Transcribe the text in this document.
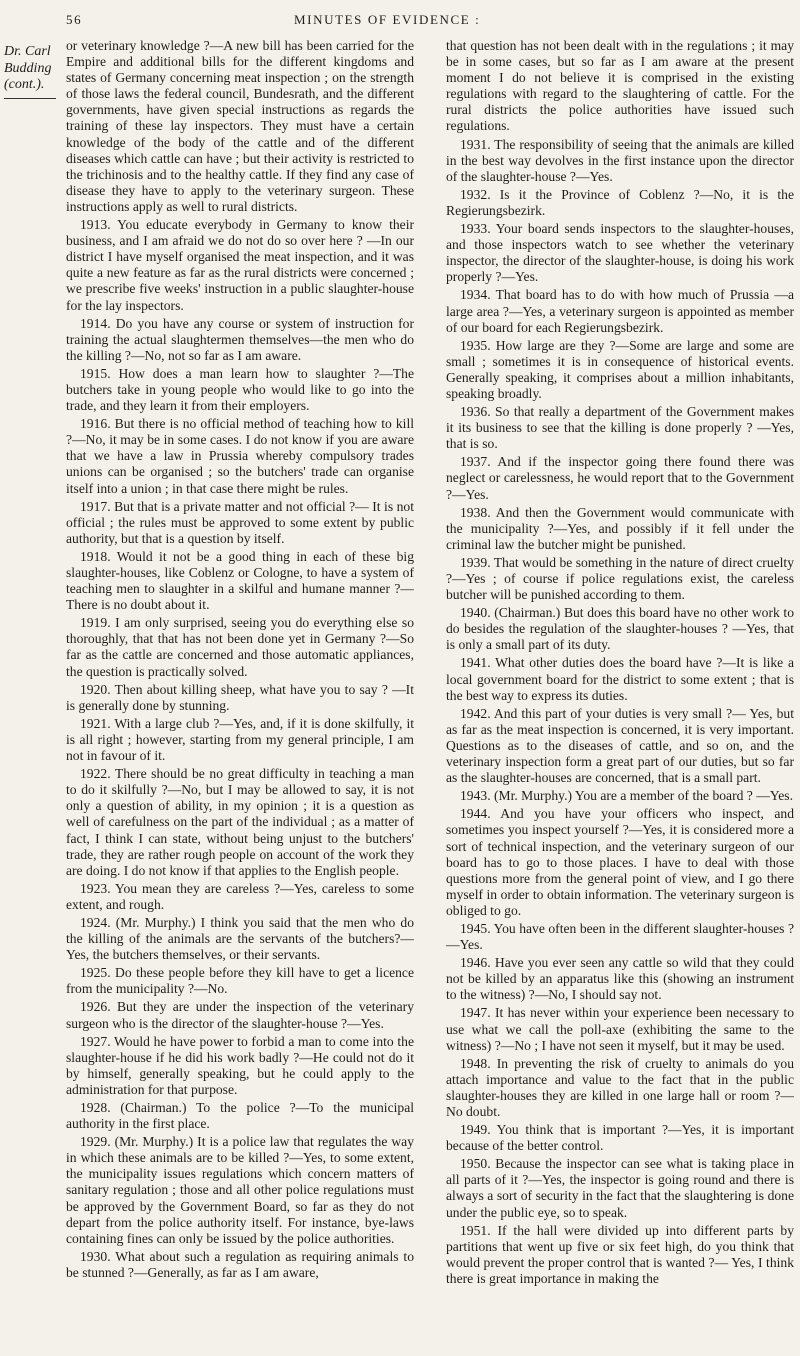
56	MINUTES OF EVIDENCE :
Dr. Carl
Budding
(cont.).

or veterinary knowledge ?—A new bill has been carried for the Empire and additional bills for the different kingdoms and states of Germany concerning meat inspection ; on the strength of those laws the federal council, Bundesrath, and the different governments, have given special instructions as regards the training of these lay inspectors. They must have a certain knowledge of the body of the cattle and of the different diseases which cattle can have ; but their activity is restricted to the trichinosis and to the healthy cattle. If they find any case of disease they have to apply to the veterinary surgeon. These instructions apply as well to rural districts.

1913. You educate everybody in Germany to know their business, and I am afraid we do not do so over here ? —In our district I have myself organised the meat inspection, and it was quite a new feature as far as the rural districts were concerned ; we prescribe five weeks' instruction in a public slaughter-house for the lay inspectors.

1914. Do you have any course or system of instruction for training the actual slaughtermen themselves—the men who do the killing ?—No, not so far as I am aware.

1915. How does a man learn how to slaughter ?—The butchers take in young people who would like to go into the trade, and they learn it from their employers.

1916. But there is no official method of teaching how to kill ?—No, it may be in some cases. I do not know if you are aware that we have a law in Prussia whereby compulsory trades unions can be organised ; so the butchers' trade can organise itself into a union ; in that case there might be rules.

1917. But that is a private matter and not official ?— It is not official ; the rules must be approved to some extent by public authority, but that is a question by itself.

1918. Would it not be a good thing in each of these big slaughter-houses, like Coblenz or Cologne, to have a system of teaching men to slaughter in a skilful and humane manner ?—There is no doubt about it.

1919. I am only surprised, seeing you do everything else so thoroughly, that that has not been done yet in Germany ?—So far as the cattle are concerned and those automatic appliances, the question is practically solved.

1920. Then about killing sheep, what have you to say ? —It is generally done by stunning.

1921. With a large club ?—Yes, and, if it is done skilfully, it is all right ; however, starting from my general principle, I am not in favour of it.

1922. There should be no great difficulty in teaching a man to do it skilfully ?—No, but I may be allowed to say, it is not only a question of ability, in my opinion ; it is a question as well of carefulness on the part of the individual ; as a matter of fact, I think I can state, without being unjust to the butchers' trade, they are rather rough people on account of the work they are doing. I do not know if that applies to the English people.

1923. You mean they are careless ?—Yes, careless to some extent, and rough.

1924. (Mr. Murphy.) I think you said that the men who do the killing of the animals are the servants of the butchers?—Yes, the butchers themselves, or their servants.

1925. Do these people before they kill have to get a licence from the municipality ?—No.

1926. But they are under the inspection of the veterinary surgeon who is the director of the slaughter-house ?—Yes.

1927. Would he have power to forbid a man to come into the slaughter-house if he did his work badly ?—He could not do it by himself, generally speaking, but he could apply to the administration for that purpose.

1928. (Chairman.) To the police ?—To the municipal authority in the first place.

1929. (Mr. Murphy.) It is a police law that regulates the way in which these animals are to be killed ?—Yes, to some extent, the municipality issues regulations which concern matters of sanitary regulation ; those and all other police regulations must be approved by the Government Board, so far as they do not depart from the police authority itself. For instance, bye-laws containing fines can only be issued by the police authorities.

1930. What about such a regulation as requiring animals to be stunned ?—Generally, as far as I am aware,

that question has not been dealt with in the regulations ; it may be in some cases, but so far as I am aware at the present moment I do not believe it is comprised in the existing regulations with regard to the slaughtering of cattle. For the rural districts the police authorities have issued such regulations.

1931. The responsibility of seeing that the animals are killed in the best way devolves in the first instance upon the director of the slaughter-house ?—Yes.

1932. Is it the Province of Coblenz ?—No, it is the Regierungsbezirk.

1933. Your board sends inspectors to the slaughter-houses, and those inspectors watch to see whether the veterinary inspector, the director of the slaughter-house, is doing his work properly ?—Yes.

1934. That board has to do with how much of Prussia —a large area ?—Yes, a veterinary surgeon is appointed as member of our board for each Regierungsbezirk.

1935. How large are they ?—Some are large and some are small ; sometimes it is in consequence of historical events. Generally speaking, it comprises about a million inhabitants, speaking broadly.

1936. So that really a department of the Government makes it its business to see that the killing is done properly ? —Yes, that is so.

1937. And if the inspector going there found there was neglect or carelessness, he would report that to the Government ?—Yes.

1938. And then the Government would communicate with the municipality ?—Yes, and possibly if it fell under the criminal law the butcher might be punished.

1939. That would be something in the nature of direct cruelty ?—Yes ; of course if police regulations exist, the careless butcher will be punished according to them.

1940. (Chairman.) But does this board have no other work to do besides the regulation of the slaughter-houses ? —Yes, that is only a small part of its duty.

1941. What other duties does the board have ?—It is like a local government board for the district to some extent ; that is the best way to express its duties.

1942. And this part of your duties is very small ?— Yes, but as far as the meat inspection is concerned, it is very important. Questions as to the diseases of cattle, and so on, and the veterinary inspection form a great part of our duties, but so far as the slaughter-houses are concerned, that is a small part.

1943. (Mr. Murphy.) You are a member of the board ? —Yes.

1944. And you have your officers who inspect, and sometimes you inspect yourself ?—Yes, it is considered more a sort of technical inspection, and the veterinary surgeon of our board has to go to those places. I have to deal with those questions more from the general point of view, and I go there myself in order to obtain information. The veterinary surgeon is obliged to go.

1945. You have often been in the different slaughter-houses ?—Yes.

1946. Have you ever seen any cattle so wild that they could not be killed by an apparatus like this (showing an instrument to the witness) ?—No, I should say not.

1947. It has never within your experience been necessary to use what we call the poll-axe (exhibiting the same to the witness) ?—No ; I have not seen it myself, but it may be used.

1948. In preventing the risk of cruelty to animals do you attach importance and value to the fact that in the public slaughter-houses they are killed in one large hall or room ?—No doubt.

1949. You think that is important ?—Yes, it is important because of the better control.

1950. Because the inspector can see what is taking place in all parts of it ?—Yes, the inspector is going round and there is always a sort of security in the fact that the slaughtering is done under the public eye, so to speak.

1951. If the hall were divided up into different parts by partitions that went up five or six feet high, do you think that would prevent the proper control that is wanted ?— Yes, I think there is great importance in making the
